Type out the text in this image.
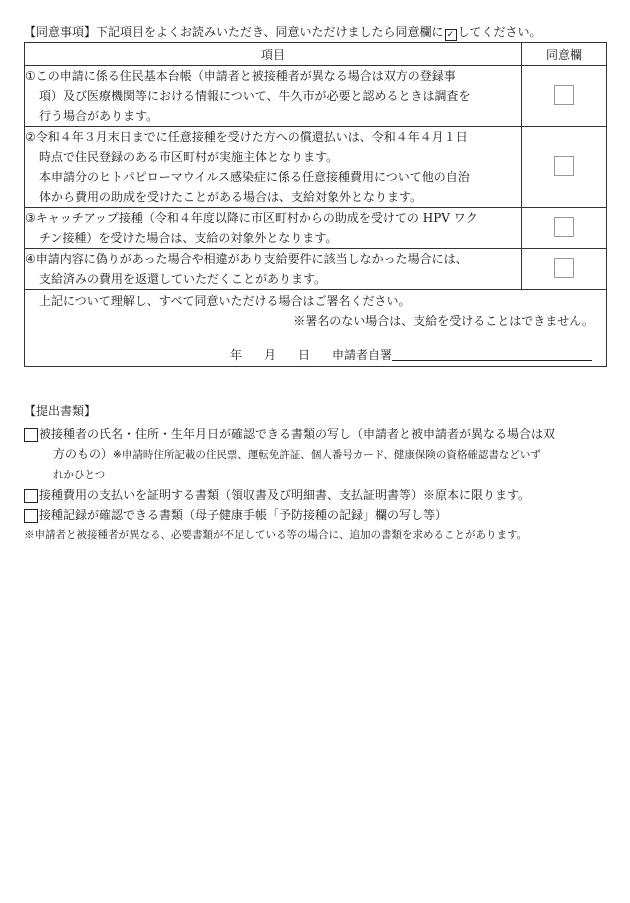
【同意事項】下記項目をよくお読みいただき、同意いただけましたら同意欄に ✓ してください。
項目	同意欄

① この申請に係る住民基本台帳（申請者と被接種者が異なる場合は双方の登録事
項）及び医療機関等における情報について、牛久市が必要と認めるときは調査を
行う場合があります。	

② 令和４年３月末日までに任意接種を受けた方への償還払いは、令和４年４月１日
時点で住民登録のある市区町村が実施主体となります。
本申請分のヒトパピローマウイルス感染症に係る任意接種費用について他の自治
体から費用の助成を受けたことがある場合は、支給対象外となります。	

③ キャッチアップ接種（令和４年度以降に市区町村からの助成を受けての HPV ワク
チン接種）を受けた場合は、支給の対象外となります。	

④ 申請内容に偽りがあった場合や相違があり支給要件に該当しなかった場合には、
支給済みの費用を返還していただくことがあります。	

上記について理解し、すべて同意いただける場合はご署名ください。
※署名のない場合は、支給を受けることはできません。
年 月 日 申請者自署	
【提出書類】
被接種者の氏名・住所・生年月日が確認できる書類の写し（申請者と被申請者が異なる場合は双
方のもの）※申請時住所記載の住民票、運転免許証、個人番号カード、健康保険の資格確認書などいず
れかひとつ
接種費用の支払いを証明する書類（領収書及び明細書、支払証明書等）※原本に限ります。
接種記録が確認できる書類（母子健康手帳「予防接種の記録」欄の写し等）
※申請者と被接種者が異なる、必要書類が不足している等の場合に、追加の書類を求めることがあります。
